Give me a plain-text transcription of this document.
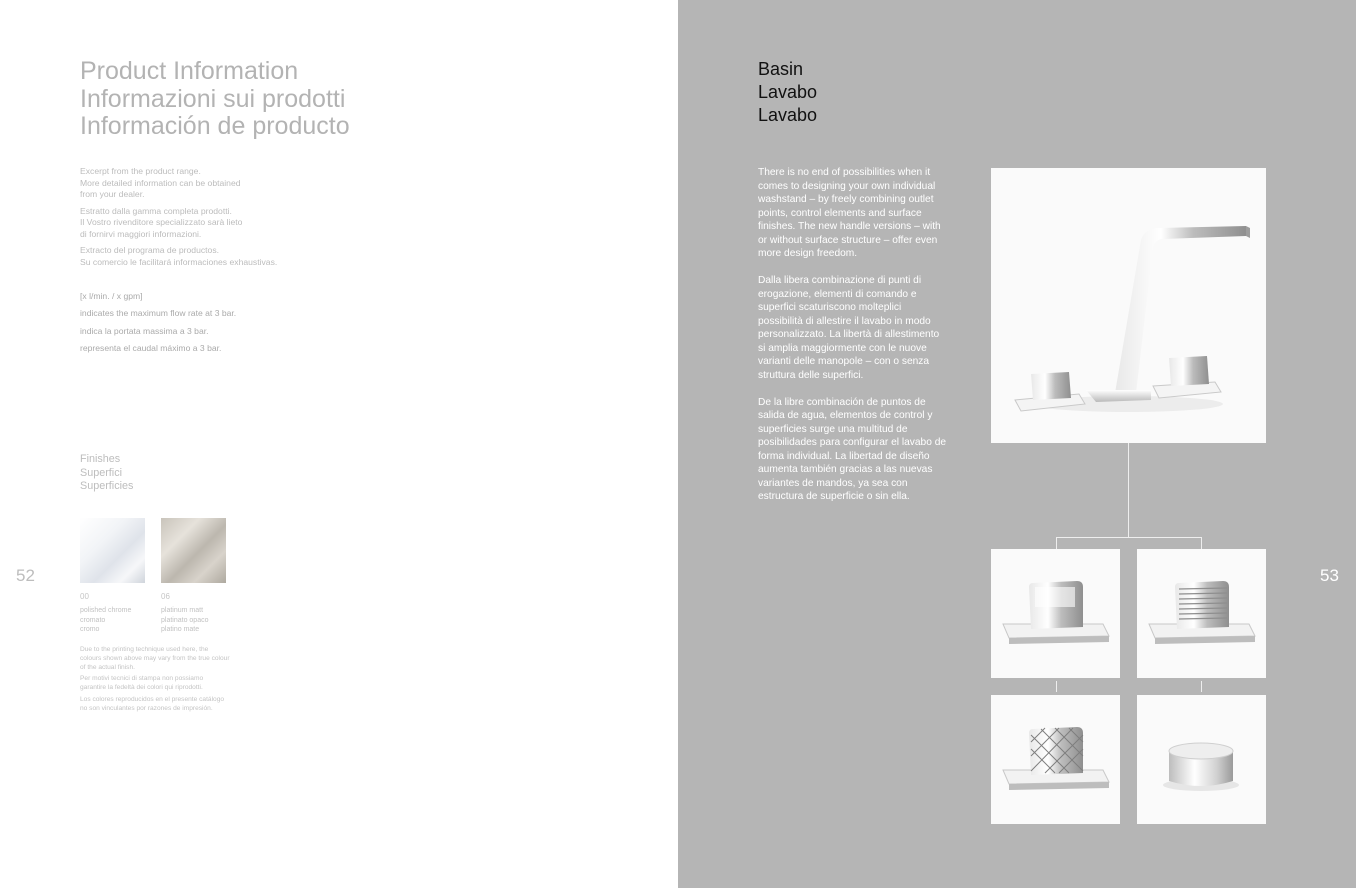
Product Information
Informazioni sui prodotti
Información de producto

Excerpt from the product range.
More detailed information can be obtained
from your dealer.

Estratto dalla gamma completa prodotti.
Il Vostro rivenditore specializzato sarà lieto
di fornirvi maggiori informazioni.

Extracto del programa de productos.
Su comercio le facilitará informaciones exhaustivas.

[x l/min. / x gpm]
indicates the maximum flow rate at 3 bar.
indica la portata massima a 3 bar.
representa el caudal máximo a 3 bar.
Finishes
Superfici
Superficies
00
polished chrome
cromato
cromo
06
platinum matt
platinato opaco
platino mate

Due to the printing technique used here, the colours shown above may vary from the true colour of the actual finish.

Per motivi tecnici di stampa non possiamo garantire la fedeltà dei colori qui riprodotti.

Los colores reproducidos en el presente catálogo no son vinculantes por razones de impresión.

52
Basin
Lavabo
Lavabo

There is no end of possibilities when it comes to designing your own individual washstand – by freely combining outlet points, control elements and surface finishes. The new handle versions – with or without surface structure – offer even more design freedom.

Dalla libera combinazione di punti di erogazione, elementi di comando e superfici scaturiscono molteplici possibilità di allestire il lavabo in modo personalizzato. La libertà di allestimento si amplia maggiormente con le nuove varianti delle manopole – con o senza struttura delle superfici.

De la libre combinación de puntos de salida de agua, elementos de control y superficies surge una multitud de posibilidades para configurar el lavabo de forma individual. La libertad de diseño aumenta también gracias a las nuevas variantes de mandos, ya sea con estructura de superficie o sin ella.

53
